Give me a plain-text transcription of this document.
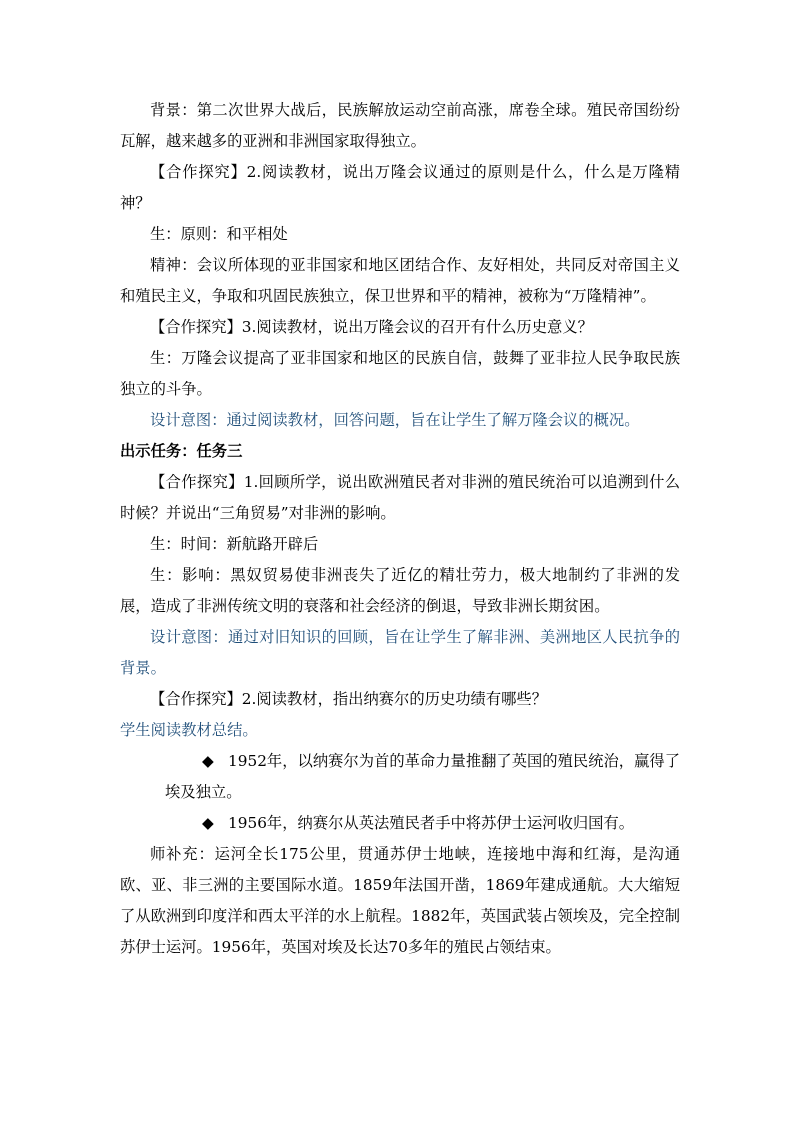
背景：第二次世界大战后，民族解放运动空前高涨，席卷全球。殖民帝国纷纷瓦解，越来越多的亚洲和非洲国家取得独立。

【合作探究】2.阅读教材，说出万隆会议通过的原则是什么，什么是万隆精神？

生：原则：和平相处

精神：会议所体现的亚非国家和地区团结合作、友好相处，共同反对帝国主义和殖民主义，争取和巩固民族独立，保卫世界和平的精神，被称为“万隆精神”。

【合作探究】3.阅读教材，说出万隆会议的召开有什么历史意义？

生：万隆会议提高了亚非国家和地区的民族自信，鼓舞了亚非拉人民争取民族独立的斗争。

设计意图：通过阅读教材，回答问题，旨在让学生了解万隆会议的概况。

出示任务：任务三

【合作探究】1.回顾所学，说出欧洲殖民者对非洲的殖民统治可以追溯到什么时候？并说出“三角贸易”对非洲的影响。

生：时间：新航路开辟后

生：影响：黑奴贸易使非洲丧失了近亿的精壮劳力，极大地制约了非洲的发展，造成了非洲传统文明的衰落和社会经济的倒退，导致非洲长期贫困。

设计意图：通过对旧知识的回顾，旨在让学生了解非洲、美洲地区人民抗争的背景。

【合作探究】2.阅读教材，指出纳赛尔的历史功绩有哪些？

学生阅读教材总结。

◆ 1952年，以纳赛尔为首的革命力量推翻了英国的殖民统治，赢得了埃及独立。

◆ 1956年，纳赛尔从英法殖民者手中将苏伊士运河收归国有。

师补充：运河全长175公里，贯通苏伊士地峡，连接地中海和红海，是沟通欧、亚、非三洲的主要国际水道。1859年法国开凿，1869年建成通航。大大缩短了从欧洲到印度洋和西太平洋的水上航程。1882年，英国武装占领埃及，完全控制苏伊士运河。1956年，英国对埃及长达70多年的殖民占领结束。
